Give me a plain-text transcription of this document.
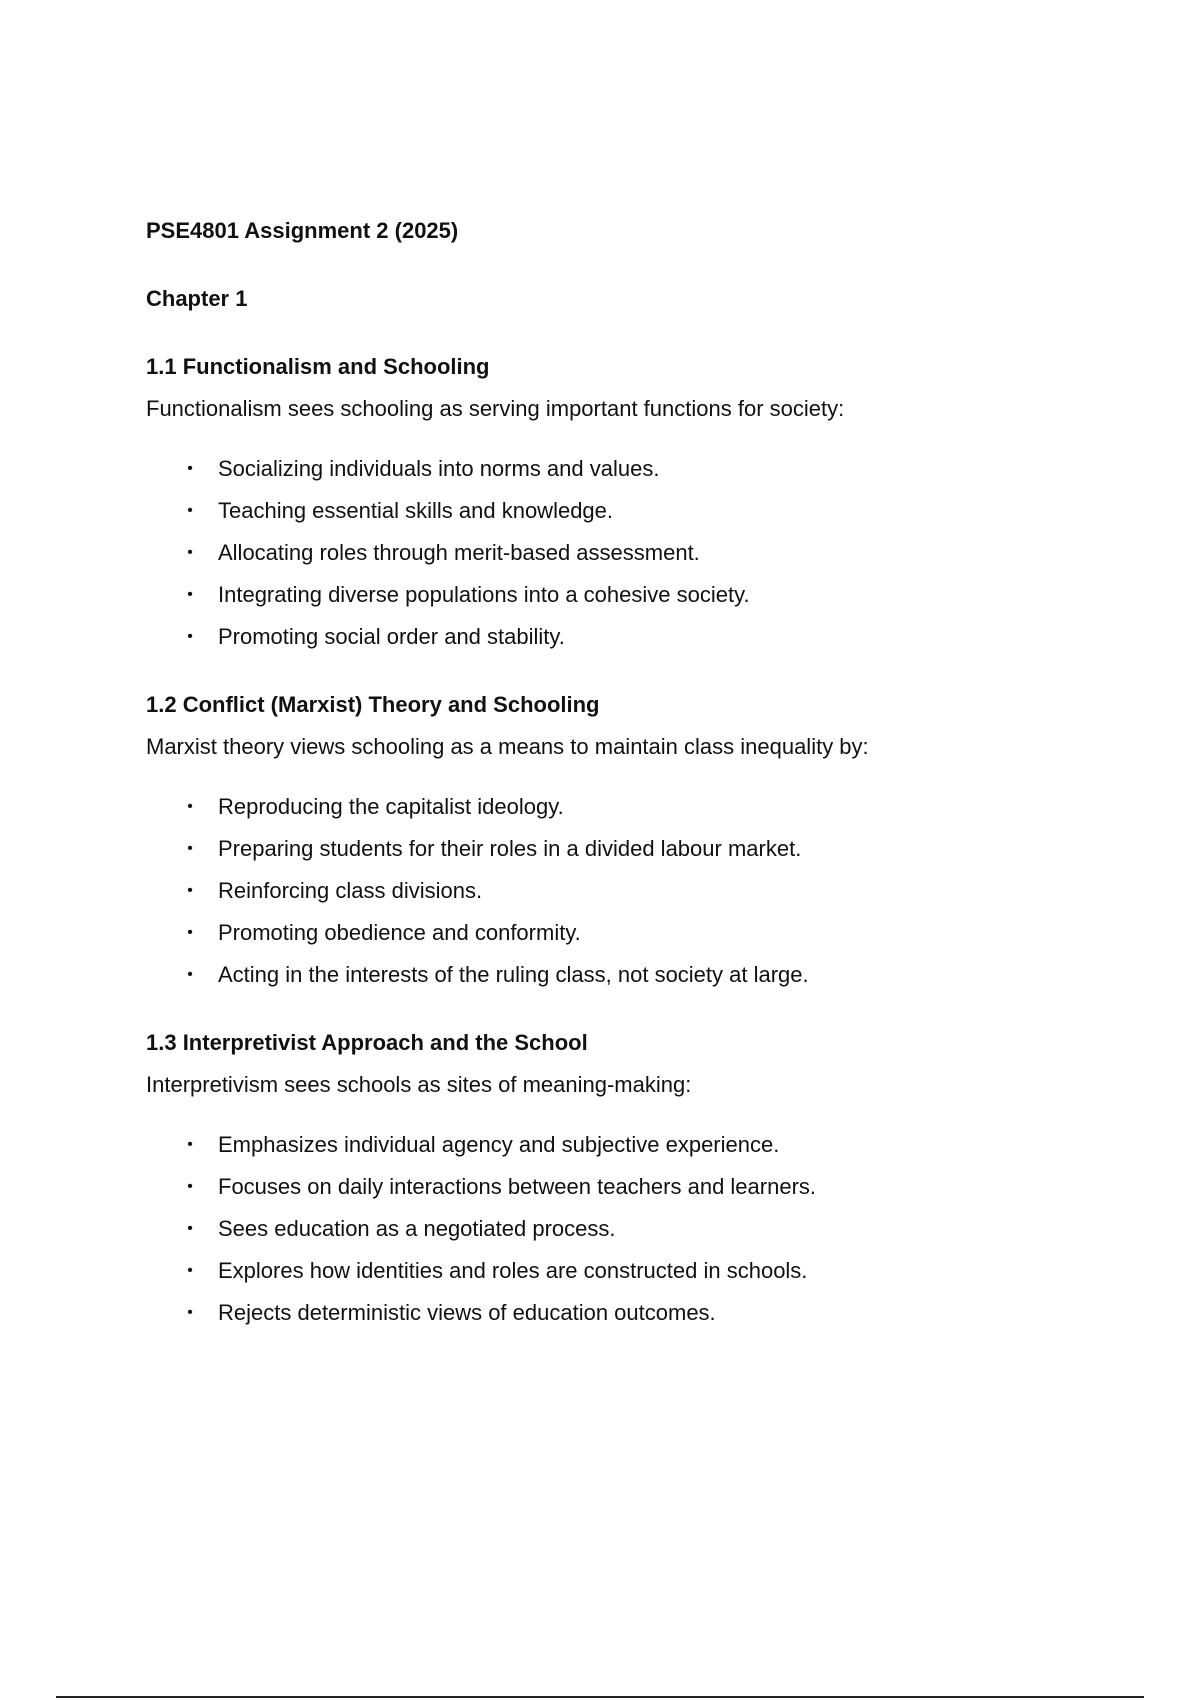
PSE4801 Assignment 2 (2025)
Chapter 1
1.1 Functionalism and Schooling
Functionalism sees schooling as serving important functions for society:
• Socializing individuals into norms and values.
• Teaching essential skills and knowledge.
• Allocating roles through merit-based assessment.
• Integrating diverse populations into a cohesive society.
• Promoting social order and stability.
1.2 Conflict (Marxist) Theory and Schooling
Marxist theory views schooling as a means to maintain class inequality by:
• Reproducing the capitalist ideology.
• Preparing students for their roles in a divided labour market.
• Reinforcing class divisions.
• Promoting obedience and conformity.
• Acting in the interests of the ruling class, not society at large.
1.3 Interpretivist Approach and the School
Interpretivism sees schools as sites of meaning-making:
• Emphasizes individual agency and subjective experience.
• Focuses on daily interactions between teachers and learners.
• Sees education as a negotiated process.
• Explores how identities and roles are constructed in schools.
• Rejects deterministic views of education outcomes.
